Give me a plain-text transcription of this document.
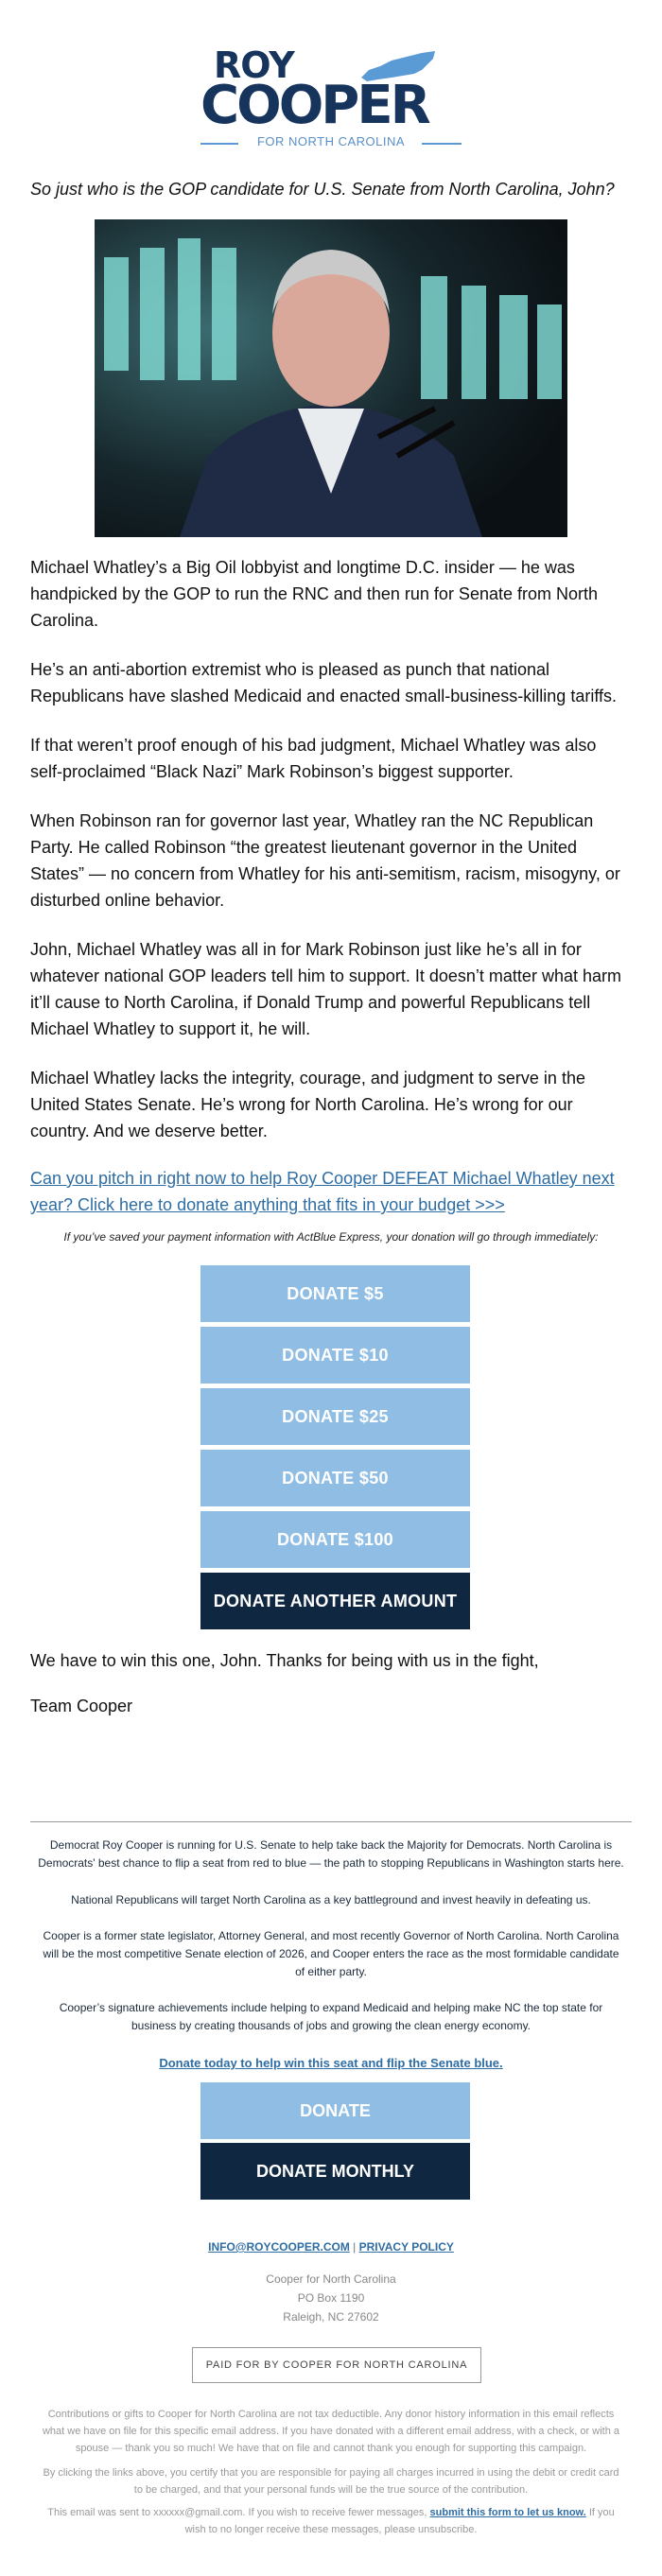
ROY
COOPER
FOR NORTH CAROLINA
So just who is the GOP candidate for U.S. Senate from North Carolina, John?
Michael Whatley’s a Big Oil lobbyist and longtime D.C. insider — he was handpicked by the GOP to run the RNC and then run for Senate from North Carolina.
He’s an anti-abortion extremist who is pleased as punch that national Republicans have slashed Medicaid and enacted small-business-killing tariffs.
If that weren’t proof enough of his bad judgment, Michael Whatley was also self-proclaimed “Black Nazi” Mark Robinson’s biggest supporter.
When Robinson ran for governor last year, Whatley ran the NC Republican Party. He called Robinson “the greatest lieutenant governor in the United States” — no concern from Whatley for his anti-semitism, racism, misogyny, or disturbed online behavior.
John, Michael Whatley was all in for Mark Robinson just like he’s all in for whatever national GOP leaders tell him to support. It doesn’t matter what harm it’ll cause to North Carolina, if Donald Trump and powerful Republicans tell Michael Whatley to support it, he will.
Michael Whatley lacks the integrity, courage, and judgment to serve in the United States Senate. He’s wrong for North Carolina. He’s wrong for our country. And we deserve better.
Can you pitch in right now to help Roy Cooper DEFEAT Michael Whatley next year? Click here to donate anything that fits in your budget >>>
If you’ve saved your payment information with ActBlue Express, your donation will go through immediately:
DONATE $5
DONATE $10
DONATE $25
DONATE $50
DONATE $100
DONATE ANOTHER AMOUNT
We have to win this one, John. Thanks for being with us in the fight,
Team Cooper
Democrat Roy Cooper is running for U.S. Senate to help take back the Majority for Democrats. North Carolina is Democrats' best chance to flip a seat from red to blue — the path to stopping Republicans in Washington starts here.
National Republicans will target North Carolina as a key battleground and invest heavily in defeating us.
Cooper is a former state legislator, Attorney General, and most recently Governor of North Carolina. North Carolina will be the most competitive Senate election of 2026, and Cooper enters the race as the most formidable candidate of either party.
Cooper’s signature achievements include helping to expand Medicaid and helping make NC the top state for business by creating thousands of jobs and growing the clean energy economy.
Donate today to help win this seat and flip the Senate blue.
DONATE
DONATE MONTHLY
INFO@ROYCOOPER.COM | PRIVACY POLICY
Cooper for North Carolina
PO Box 1190
Raleigh, NC 27602
PAID FOR BY COOPER FOR NORTH CAROLINA
Contributions or gifts to Cooper for North Carolina are not tax deductible. Any donor history information in this email reflects what we have on file for this specific email address. If you have donated with a different email address, with a check, or with a spouse — thank you so much! We have that on file and cannot thank you enough for supporting this campaign.
By clicking the links above, you certify that you are responsible for paying all charges incurred in using the debit or credit card to be charged, and that your personal funds will be the true source of the contribution.
This email was sent to xxxxxx@gmail.com. If you wish to receive fewer messages, submit this form to let us know. If you wish to no longer receive these messages, please unsubscribe.
